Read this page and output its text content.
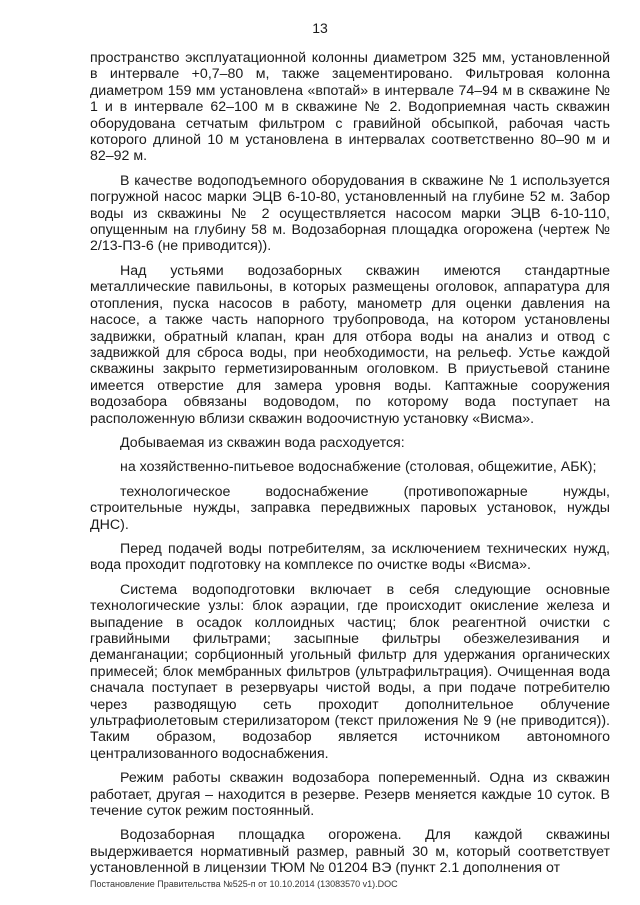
13

пространство эксплуатационной колонны диаметром 325 мм, установленной в интервале +0,7–80 м, также зацементировано. Фильтровая колонна диаметром 159 мм установлена «впотай» в интервале 74–94 м в скважине № 1 и в интервале 62–100 м в скважине № 2. Водоприемная часть скважин оборудована сетчатым фильтром с гравийной обсыпкой, рабочая часть которого длиной 10 м установлена в интервалах соответственно 80–90 м и 82–92 м.

В качестве водоподъемного оборудования в скважине № 1 используется погружной насос марки ЭЦВ 6-10-80, установленный на глубине 52 м. Забор воды из скважины № 2 осуществляется насосом марки ЭЦВ 6-10-110, опущенным на глубину 58 м. Водозаборная площадка огорожена (чертеж № 2/13-ПЗ-6 (не приводится)).

Над устьями водозаборных скважин имеются стандартные металлические павильоны, в которых размещены оголовок, аппаратура для отопления, пуска насосов в работу, манометр для оценки давления на насосе, а также часть напорного трубопровода, на котором установлены задвижки, обратный клапан, кран для отбора воды на анализ и отвод с задвижкой для сброса воды, при необходимости, на рельеф. Устье каждой скважины закрыто герметизированным оголовком. В приустьевой станине имеется отверстие для замера уровня воды. Каптажные сооружения водозабора обвязаны водоводом, по которому вода поступает на расположенную вблизи скважин водоочистную установку «Висма».

Добываемая из скважин вода расходуется:

на хозяйственно-питьевое водоснабжение (столовая, общежитие, АБК);

технологическое водоснабжение (противопожарные нужды, строительные нужды, заправка передвижных паровых установок, нужды ДНС).

Перед подачей воды потребителям, за исключением технических нужд, вода проходит подготовку на комплексе по очистке воды «Висма».

Система водоподготовки включает в себя следующие основные технологические узлы: блок аэрации, где происходит окисление железа и выпадение в осадок коллоидных частиц; блок реагентной очистки с гравийными фильтрами; засыпные фильтры обезжелезивания и деманганации; сорбционный угольный фильтр для удержания органических примесей; блок мембранных фильтров (ультрафильтрация). Очищенная вода сначала поступает в резервуары чистой воды, а при подаче потребителю через разводящую сеть проходит дополнительное облучение ультрафиолетовым стерилизатором (текст приложения № 9 (не приводится)). Таким образом, водозабор является источником автономного централизованного водоснабжения.

Режим работы скважин водозабора попеременный. Одна из скважин работает, другая – находится в резерве. Резерв меняется каждые 10 суток. В течение суток режим постоянный.

Водозаборная площадка огорожена. Для каждой скважины выдерживается нормативный размер, равный 30 м, который соответствует установленной в лицензии ТЮМ № 01204 ВЭ (пункт 2.1 дополнения от

Постановление Правительства №525-п от 10.10.2014 (13083570 v1).DOC
